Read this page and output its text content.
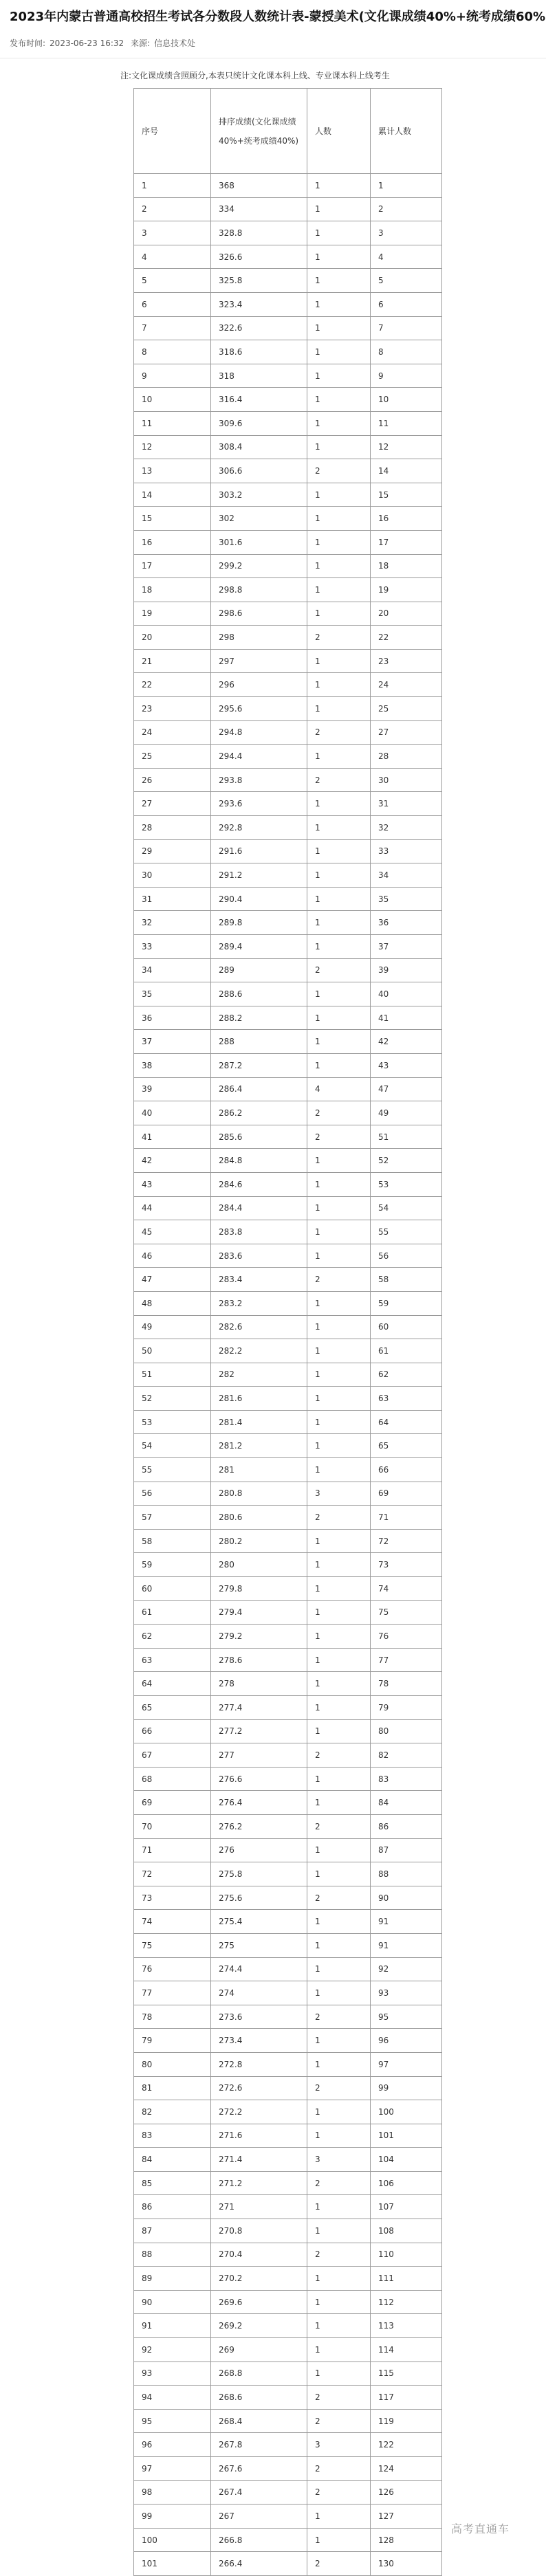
2023年内蒙古普通高校招生考试各分数段人数统计表-蒙授美术(文化课成绩40%+统考成绩60%
发布时间: 2023-06-23 16:32 来源: 信息技术处
注:文化课成绩含照顾分,本表只统计文化课本科上线、专业课本科上线考生
序号	排序成绩(文化课成绩40%+统考成绩40%)	人数	累计人数
1	368	1	1
2	334	1	2
3	328.8	1	3
4	326.6	1	4
5	325.8	1	5
6	323.4	1	6
7	322.6	1	7
8	318.6	1	8
9	318	1	9
10	316.4	1	10
11	309.6	1	11
12	308.4	1	12
13	306.6	2	14
14	303.2	1	15
15	302	1	16
16	301.6	1	17
17	299.2	1	18
18	298.8	1	19
19	298.6	1	20
20	298	2	22
21	297	1	23
22	296	1	24
23	295.6	1	25
24	294.8	2	27
25	294.4	1	28
26	293.8	2	30
27	293.6	1	31
28	292.8	1	32
29	291.6	1	33
30	291.2	1	34
31	290.4	1	35
32	289.8	1	36
33	289.4	1	37
34	289	2	39
35	288.6	1	40
36	288.2	1	41
37	288	1	42
38	287.2	1	43
39	286.4	4	47
40	286.2	2	49
41	285.6	2	51
42	284.8	1	52
43	284.6	1	53
44	284.4	1	54
45	283.8	1	55
46	283.6	1	56
47	283.4	2	58
48	283.2	1	59
49	282.6	1	60
50	282.2	1	61
51	282	1	62
52	281.6	1	63
53	281.4	1	64
54	281.2	1	65
55	281	1	66
56	280.8	3	69
57	280.6	2	71
58	280.2	1	72
59	280	1	73
60	279.8	1	74
61	279.4	1	75
62	279.2	1	76
63	278.6	1	77
64	278	1	78
65	277.4	1	79
66	277.2	1	80
67	277	2	82
68	276.6	1	83
69	276.4	1	84
70	276.2	2	86
71	276	1	87
72	275.8	1	88
73	275.6	2	90
74	275.4	1	91
75	275	1	91
76	274.4	1	92
77	274	1	93
78	273.6	2	95
79	273.4	1	96
80	272.8	1	97
81	272.6	2	99
82	272.2	1	100
83	271.6	1	101
84	271.4	3	104
85	271.2	2	106
86	271	1	107
87	270.8	1	108
88	270.4	2	110
89	270.2	1	111
90	269.6	1	112
91	269.2	1	113
92	269	1	114
93	268.8	1	115
94	268.6	2	117
95	268.4	2	119
96	267.8	3	122
97	267.6	2	124
98	267.4	2	126
99	267	1	127
100	266.8	1	128
101	266.4	2	130
高考直通车
